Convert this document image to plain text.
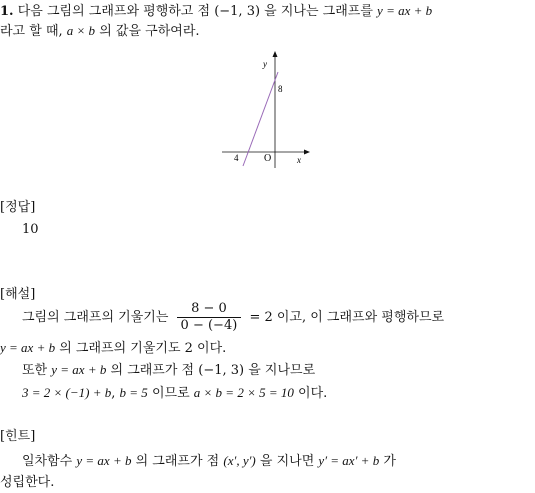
1. 다음 그림의 그래프와 평행하고 점 (−1, 3) 을 지나는 그래프를 y = ax + b
라고 할 때, a × b 의 값을 구하여라.
y
x
O
8
4
[정답]
10
[해설]
그림의 그래프의 기울기는 $\frac{8 - 0}{0 - (-4)} = 2$ 이고, 이 그래프와 평행하므로
y = ax + b 의 그래프의 기울기도 2 이다.
또한 y = ax + b 의 그래프가 점 (−1, 3) 을 지나므로
3 = 2 × (−1) + b, b = 5 이므로 a × b = 2 × 5 = 10 이다.
[힌트]
일차함수 y = ax + b 의 그래프가 점 (x′, y′) 을 지나면 y′ = ax′ + b 가
성립한다.
